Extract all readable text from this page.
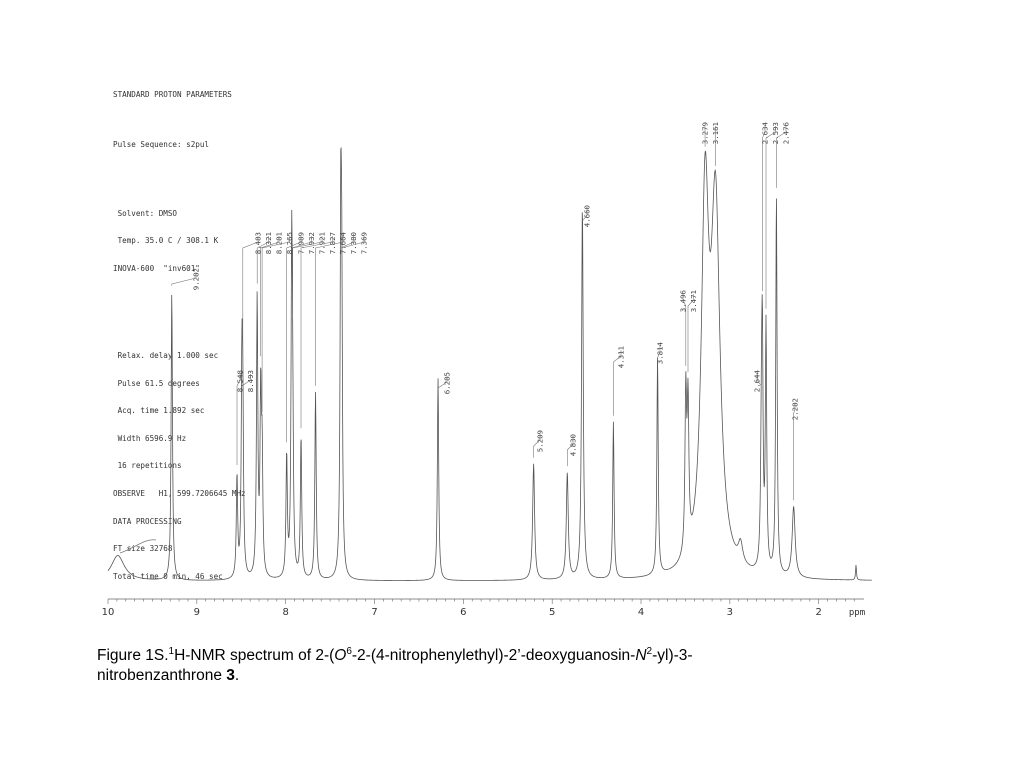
STANDARD PROTON PARAMETERS

Pulse Sequence: s2pul

Solvent: DMSO

Temp. 35.0 C / 308.1 K

INOVA-600  "inv601"

Relax. delay 1.000 sec

Pulse 61.5 degrees

Acq. time 1.892 sec

Width 6596.9 Hz

16 repetitions

OBSERVE   H1, 599.7206645 MHz

DATA PROCESSING

FT size 32768

Total time 0 min, 46 sec

9.282
8.548 8.493
8.483 8.321 8.281 8.265 7.989 7.932 7.921 7.827 7.664 7.380 7.369
6.285
5.209	4.830
4.660
4.311	3.814
3.496 3.471
3.279 3.161
2.644
2.634 2.593 2.476
2.282
10	9	8	7	6	5	4	3	2	ppm
Figure 1S.$^1$H-NMR spectrum of $2-(O^6-2-(4-nitrophenylethyl)-2’-deoxyguanosin-N^2-yl)-3$-nitrobenzanthrone 3.
